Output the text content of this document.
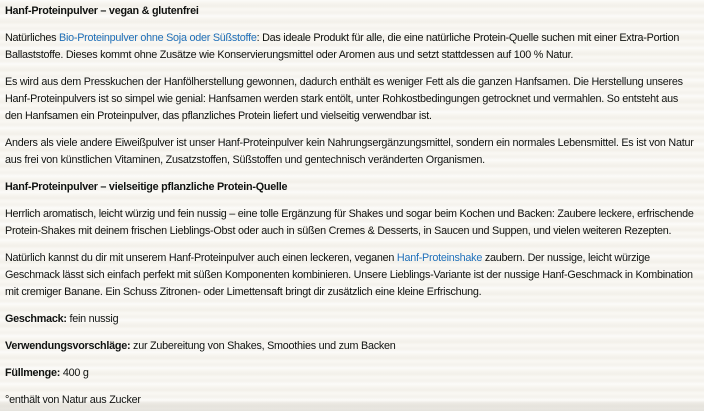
Hanf-Proteinpulver – vegan & glutenfrei

Natürliches Bio-Proteinpulver ohne Soja oder Süßstoffe: Das ideale Produkt für alle, die eine natürliche Protein-Quelle suchen mit einer Extra-Portion Ballaststoffe. Dieses kommt ohne Zusätze wie Konservierungsmittel oder Aromen aus und setzt stattdessen auf 100 % Natur.

Es wird aus dem Presskuchen der Hanfölherstellung gewonnen, dadurch enthält es weniger Fett als die ganzen Hanfsamen. Die Herstellung unseres Hanf-Proteinpulvers ist so simpel wie genial: Hanfsamen werden stark entölt, unter Rohkostbedingungen getrocknet und vermahlen. So entsteht aus den Hanfsamen ein Proteinpulver, das pflanzliches Protein liefert und vielseitig verwendbar ist.

Anders als viele andere Eiweißpulver ist unser Hanf-Proteinpulver kein Nahrungsergänzungsmittel, sondern ein normales Lebensmittel. Es ist von Natur aus frei von künstlichen Vitaminen, Zusatzstoffen, Süßstoffen und gentechnisch veränderten Organismen.

Hanf-Proteinpulver – vielseitige pflanzliche Protein-Quelle

Herrlich aromatisch, leicht würzig und fein nussig – eine tolle Ergänzung für Shakes und sogar beim Kochen und Backen: Zaubere leckere, erfrischende Protein-Shakes mit deinem frischen Lieblings-Obst oder auch in süßen Cremes & Desserts, in Saucen und Suppen, und vielen weiteren Rezepten.

Natürlich kannst du dir mit unserem Hanf-Proteinpulver auch einen leckeren, veganen Hanf-Proteinshake zaubern. Der nussige, leicht würzige Geschmack lässt sich einfach perfekt mit süßen Komponenten kombinieren. Unsere Lieblings-Variante ist der nussige Hanf-Geschmack in Kombination mit cremiger Banane. Ein Schuss Zitronen- oder Limettensaft bringt dir zusätzlich eine kleine Erfrischung.

Geschmack: fein nussig

Verwendungsvorschläge: zur Zubereitung von Shakes, Smoothies und zum Backen

Füllmenge: 400 g

°enthält von Natur aus Zucker
